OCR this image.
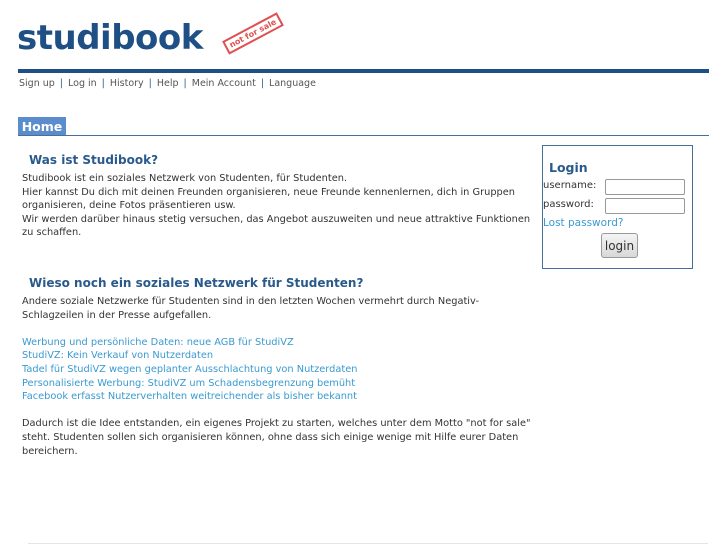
studibook	not for sale
Sign up | Log in | History | Help | Mein Account | Language
Home
Was ist Studibook?
Studibook ist ein soziales Netzwerk von Studenten, für Studenten.
Hier kannst Du dich mit deinen Freunden organisieren, neue Freunde kennenlernen, dich in Gruppen organisieren, deine Fotos präsentieren usw.
Wir werden darüber hinaus stetig versuchen, das Angebot auszuweiten und neue attraktive Funktionen zu schaffen.
Wieso noch ein soziales Netzwerk für Studenten?
Andere soziale Netzwerke für Studenten sind in den letzten Wochen vermehrt durch Negativ-Schlagzeilen in der Presse aufgefallen.
Werbung und persönliche Daten: neue AGB für StudiVZ
StudiVZ: Kein Verkauf von Nutzerdaten
Tadel für StudiVZ wegen geplanter Ausschlachtung von Nutzerdaten
Personalisierte Werbung: StudiVZ um Schadensbegrenzung bemüht
Facebook erfasst Nutzerverhalten weitreichender als bisher bekannt
Dadurch ist die Idee entstanden, ein eigenes Projekt zu starten, welches unter dem Motto "not for sale" steht. Studenten sollen sich organisieren können, ohne dass sich einige wenige mit Hilfe eurer Daten bereichern.
Login
username:
password:
Lost password?
login
